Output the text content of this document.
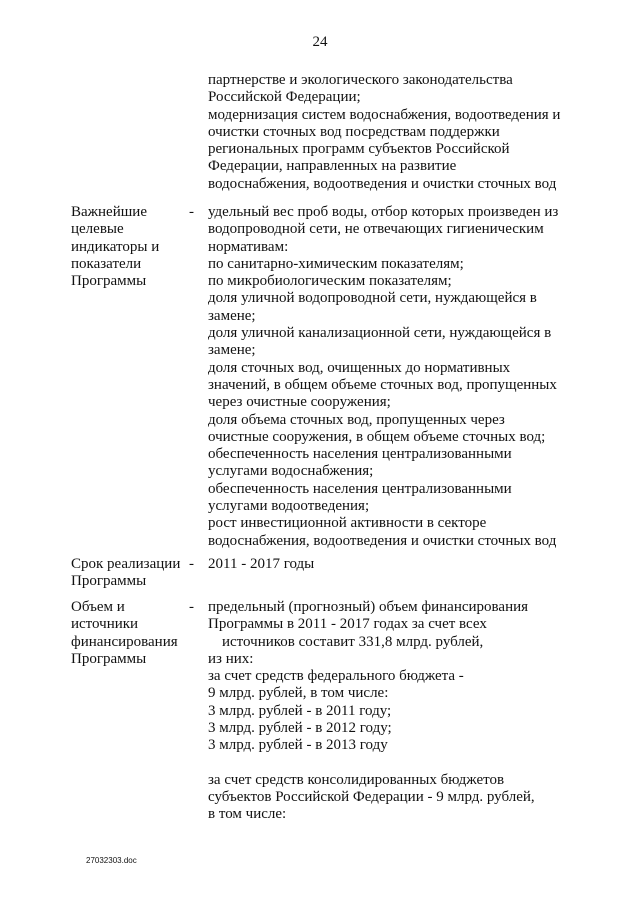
24
партнерстве и экологического законодательства
Российской Федерации;
модернизация систем водоснабжения, водоотведения и
очистки сточных вод посредствам поддержки
региональных программ субъектов Российской
Федерации, направленных на развитие
водоснабжения, водоотведения и очистки сточных вод
Важнейшие
целевые
индикаторы и
показатели
Программы
- удельный вес проб воды, отбор которых произведен из
водопроводной сети, не отвечающих гигиеническим
нормативам:
по санитарно-химическим показателям;
по микробиологическим показателям;
доля уличной водопроводной сети, нуждающейся в
замене;
доля уличной канализационной сети, нуждающейся в
замене;
доля сточных вод, очищенных до нормативных
значений, в общем объеме сточных вод, пропущенных
через очистные сооружения;
доля объема сточных вод, пропущенных через
очистные сооружения, в общем объеме сточных вод;
обеспеченность населения централизованными
услугами водоснабжения;
обеспеченность населения централизованными
услугами водоотведения;
рост инвестиционной активности в секторе
водоснабжения, водоотведения и очистки сточных вод
Срок реализации
Программы
- 2011 - 2017 годы
Объем и
источники
финансирования
Программы
- предельный (прогнозный) объем финансирования
Программы в 2011 - 2017 годах за счет всех
источников составит 331,8 млрд. рублей,
из них:
за счет средств федерального бюджета -
9 млрд. рублей, в том числе:
3 млрд. рублей - в 2011 году;
3 млрд. рублей - в 2012 году;
3 млрд. рублей - в 2013 году
за счет средств консолидированных бюджетов
субъектов Российской Федерации - 9 млрд. рублей,
в том числе:
27032303.doc
